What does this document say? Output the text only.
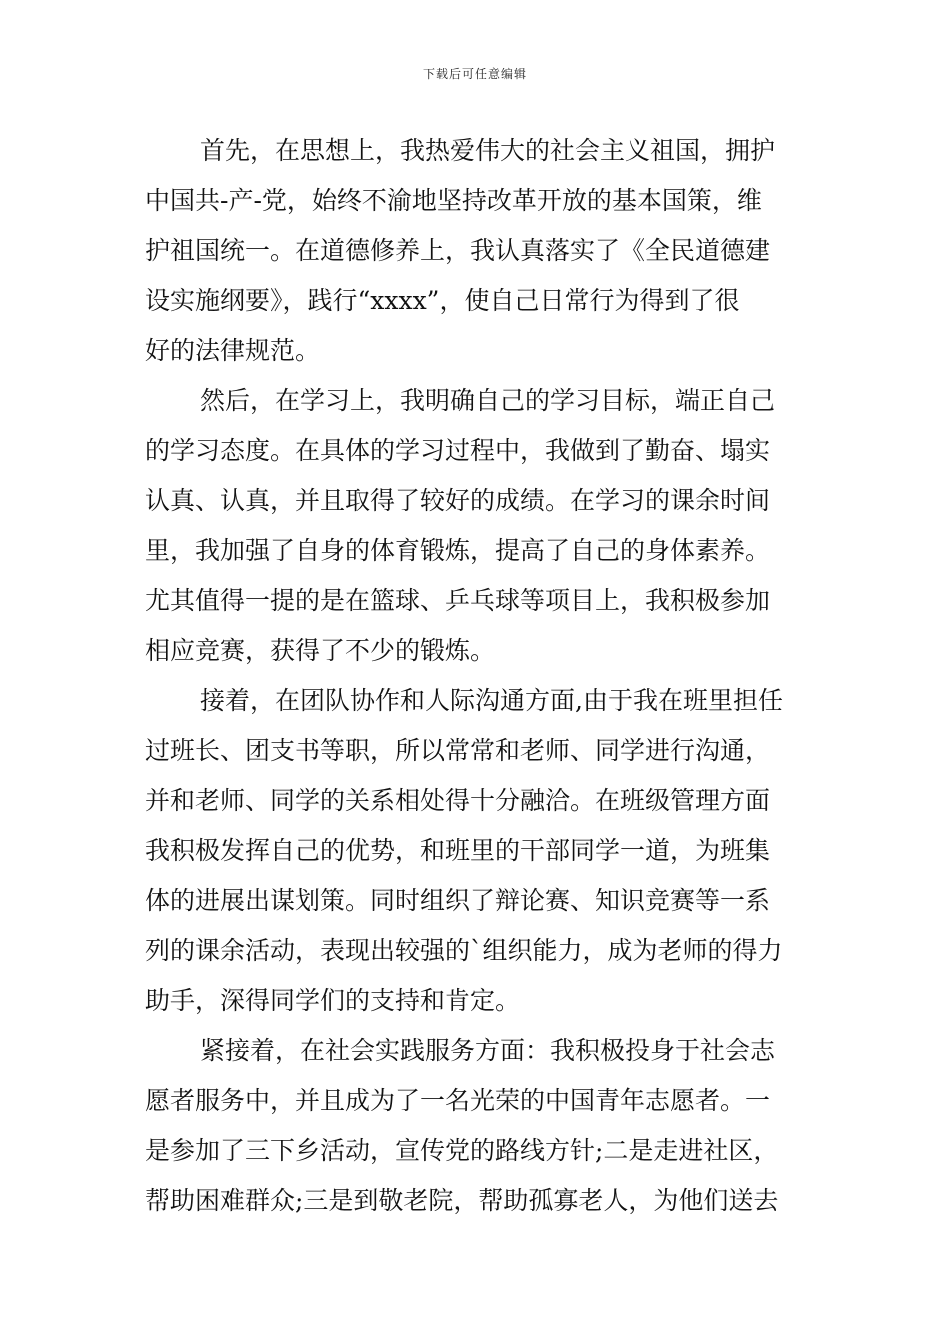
下载后可任意编辑
首先，在思想上，我热爱伟大的社会主义祖国，拥护
中国共-产-党，始终不渝地坚持改革开放的基本国策，维
护祖国统一。在道德修养上，我认真落实了《全民道德建
设实施纲要》，践行“xxxx”，使自己日常行为得到了很
好的法律规范。
然后，在学习上，我明确自己的学习目标，端正自己
的学习态度。在具体的学习过程中，我做到了勤奋、塌实
认真、认真，并且取得了较好的成绩。在学习的课余时间
里，我加强了自身的体育锻炼，提高了自己的身体素养。
尤其值得一提的是在篮球、乒乓球等项目上，我积极参加
相应竞赛，获得了不少的锻炼。
接着，在团队协作和人际沟通方面,由于我在班里担任
过班长、团支书等职，所以常常和老师、同学进行沟通，
并和老师、同学的关系相处得十分融洽。在班级管理方面
我积极发挥自己的优势，和班里的干部同学一道，为班集
体的进展出谋划策。同时组织了辩论赛、知识竞赛等一系
列的课余活动，表现出较强的`组织能力，成为老师的得力
助手，深得同学们的支持和肯定。
紧接着，在社会实践服务方面：我积极投身于社会志
愿者服务中，并且成为了一名光荣的中国青年志愿者。一
是参加了三下乡活动，宣传党的路线方针;二是走进社区，
帮助困难群众;三是到敬老院，帮助孤寡老人，为他们送去
